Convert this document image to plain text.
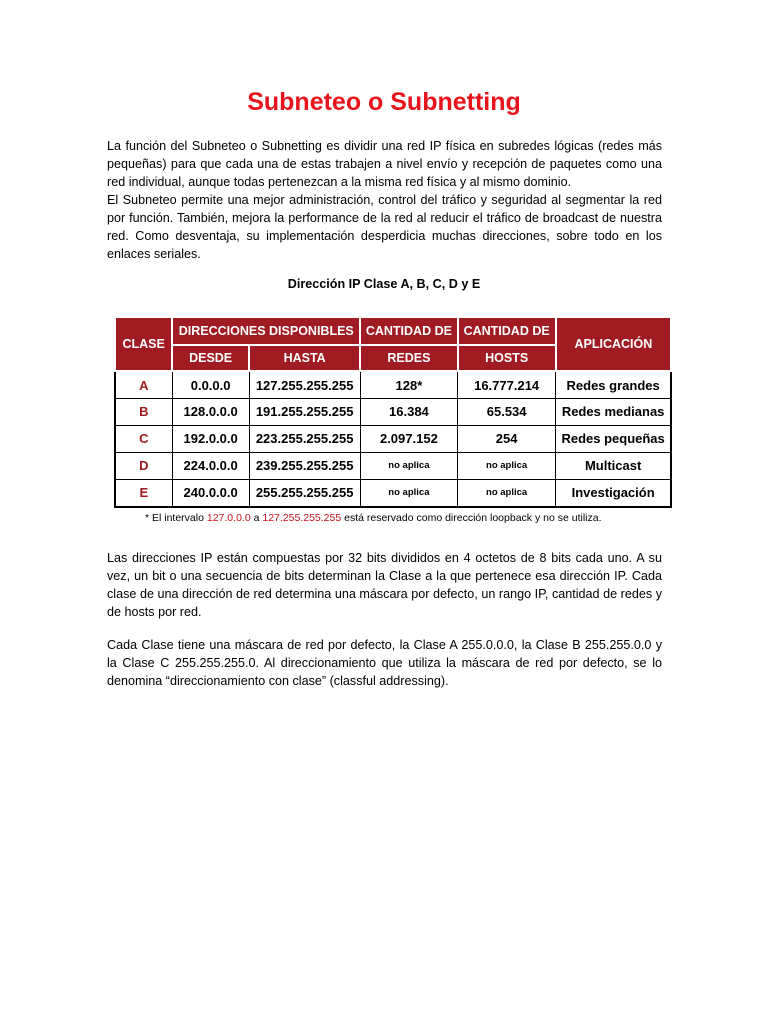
Subneteo o Subnetting

La función del Subneteo o Subnetting es dividir una red IP física en subredes lógicas (redes más pequeñas) para que cada una de estas trabajen a nivel envío y recepción de paquetes como una red individual, aunque todas pertenezcan a la misma red física y al mismo dominio.

El Subneteo permite una mejor administración, control del tráfico y seguridad al segmentar la red por función. También, mejora la performance de la red al reducir el tráfico de broadcast de nuestra red. Como desventaja, su implementación desperdicia muchas direcciones, sobre todo en los enlaces seriales.

Dirección IP Clase A, B, C, D y E

CLASE	DIRECCIONES DISPONIBLES		CANTIDAD DE	CANTIDAD DE	APLICACIÓN
	DESDE	HASTA	REDES	HOSTS	
A	0.0.0.0	127.255.255.255	128*	16.777.214	Redes grandes
B	128.0.0.0	191.255.255.255	16.384	65.534	Redes medianas
C	192.0.0.0	223.255.255.255	2.097.152	254	Redes pequeñas
D	224.0.0.0	239.255.255.255	no aplica	no aplica	Multicast
E	240.0.0.0	255.255.255.255	no aplica	no aplica	Investigación

* El intervalo 127.0.0.0 a 127.255.255.255 está reservado como dirección loopback y no se utiliza.

Las direcciones IP están compuestas por 32 bits divididos en 4 octetos de 8 bits cada uno. A su vez, un bit o una secuencia de bits determinan la Clase a la que pertenece esa dirección IP. Cada clase de una dirección de red determina una máscara por defecto, un rango IP, cantidad de redes y de hosts por red.

Cada Clase tiene una máscara de red por defecto, la Clase A 255.0.0.0, la Clase B 255.255.0.0 y la Clase C 255.255.255.0. Al direccionamiento que utiliza la máscara de red por defecto, se lo denomina “direccionamiento con clase” (classful addressing).
